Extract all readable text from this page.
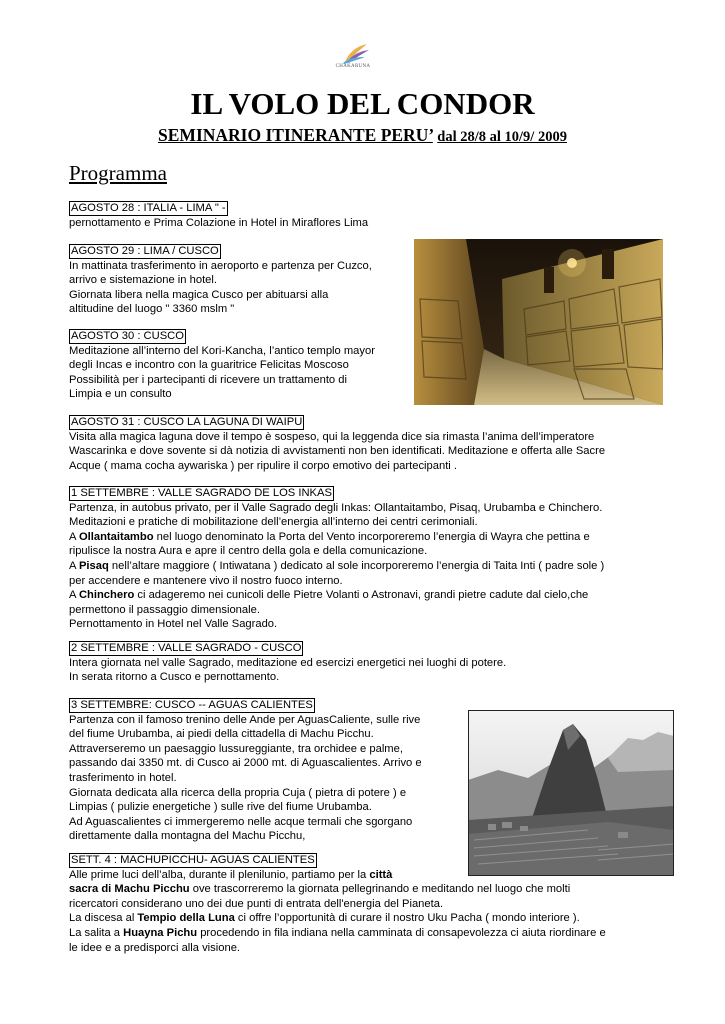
CHAKARUNA
IL VOLO DEL CONDOR
SEMINARIO ITINERANTE PERU’ dal 28/8 al 10/9/ 2009
Programma
AGOSTO 28 : ITALIA - LIMA " -
pernottamento e Prima Colazione in Hotel in Miraflores Lima
AGOSTO 29 : LIMA / CUSCO
In mattinata trasferimento in aeroporto e partenza per Cuzco,
arrivo e sistemazione in hotel.
Giornata libera nella magica Cusco per abituarsi alla
altitudine del luogo " 3360 mslm "
AGOSTO 30 : CUSCO
Meditazione all’interno del Kori-Kancha, l’antico templo mayor
degli Incas e incontro con la guaritrice Felicitas Moscoso
Possibilità per i partecipanti di ricevere un trattamento di
Limpia e un consulto
AGOSTO 31 : CUSCO LA LAGUNA DI WAIPU
Visita alla magica laguna dove il tempo è sospeso, qui la leggenda dice sia rimasta l’anima dell’imperatore
Wascarinka e dove sovente si dà notizia di avvistamenti non ben identificati. Meditazione e offerta alle Sacre
Acque ( mama cocha aywariska ) per ripulire il corpo emotivo dei partecipanti .
1 SETTEMBRE : VALLE SAGRADO DE LOS INKAS
Partenza, in autobus privato, per il Valle Sagrado degli Inkas: Ollantaitambo, Pisaq, Urubamba e Chinchero.
Meditazioni e pratiche di mobilitazione dell’energia all’interno dei centri cerimoniali.
A Ollantaitambo nel luogo denominato la Porta del Vento incorporeremo l’energia di Wayra che pettina e
ripulisce la nostra Aura e apre il centro della gola e della comunicazione.
A Pisaq nell’altare maggiore ( Intiwatana ) dedicato al sole incorporeremo l’energia di Taita Inti ( padre sole )
per accendere e mantenere vivo il nostro fuoco interno.
A Chinchero ci adageremo nei cunicoli delle Pietre Volanti o Astronavi, grandi pietre cadute dal cielo,che
permettono il passaggio dimensionale.
Pernottamento in Hotel nel Valle Sagrado.
2 SETTEMBRE : VALLE SAGRADO - CUSCO
Intera giornata nel valle Sagrado, meditazione ed esercizi energetici nei luoghi di potere.
In serata ritorno a Cusco e pernottamento.
3 SETTEMBRE: CUSCO -- AGUAS CALIENTES
Partenza con il famoso trenino delle Ande per AguasCaliente, sulle rive
del fiume Urubamba, ai piedi della cittadella di Machu Picchu.
Attraverseremo un paesaggio lussureggiante, tra orchidee e palme,
passando dai 3350 mt. di Cusco ai 2000 mt. di Aguascalientes. Arrivo e
trasferimento in hotel.
Giornata dedicata alla ricerca della propria Cuja ( pietra di potere ) e
Limpias ( pulizie energetiche ) sulle rive del fiume Urubamba.
Ad Aguascalientes ci immergeremo nelle acque termali che sgorgano
direttamente dalla montagna del Machu Picchu,
SETT. 4 : MACHUPICCHU- AGUAS CALIENTES
Alle prime luci dell’alba, durante il plenilunio, partiamo per la città
sacra di Machu Picchu ove trascorreremo la giornata pellegrinando e meditando nel luogo che molti
ricercatori considerano uno dei due punti di entrata dell'energia del Pianeta.
La discesa al Tempio della Luna ci offre l’opportunità di curare il nostro Uku Pacha ( mondo interiore ).
La salita a Huayna Pichu procedendo in fila indiana nella camminata di consapevolezza ci aiuta riordinare e
le idee e a predisporci alla visione.
